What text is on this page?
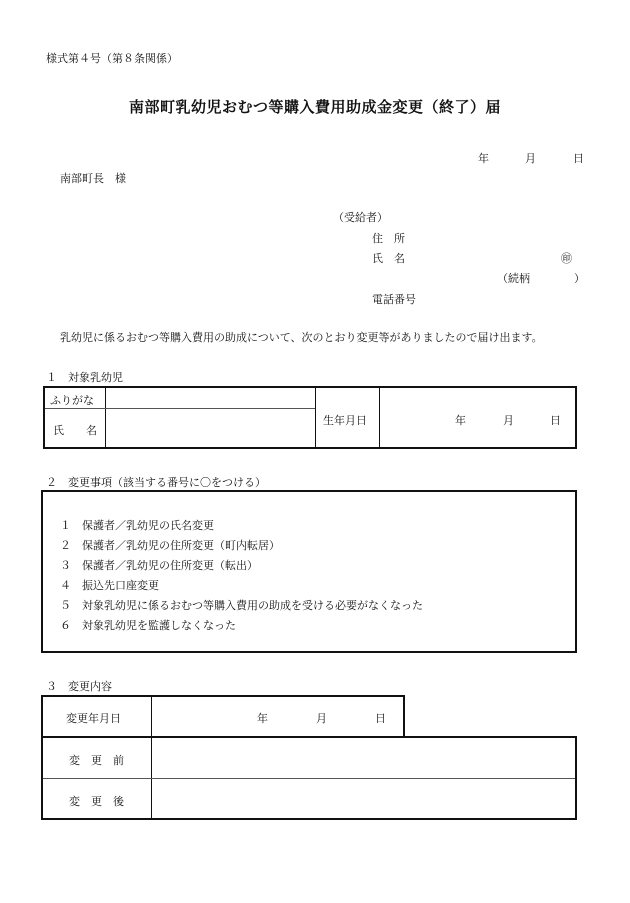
様式第４号（第８条関係）
南部町乳幼児おむつ等購入費用助成金変更（終了）届
年	月	日
南部町長　様
（受給者）
住　所
氏　名	㊞
（続柄	）
電話番号
乳幼児に係るおむつ等購入費用の助成について、次のとおり変更等がありましたので届け出ます。
１　対象乳幼児
ふりがな
氏　　名
生年月日	年	月	日
２　変更事項（該当する番号に〇をつける）
１　保護者／乳幼児の氏名変更
２　保護者／乳幼児の住所変更（町内転居）
３　保護者／乳幼児の住所変更（転出）
４　振込先口座変更
５　対象乳幼児に係るおむつ等購入費用の助成を受ける必要がなくなった
６　対象乳幼児を監護しなくなった
３　変更内容
変更年月日	年	月	日
変　更　前
変　更　後
